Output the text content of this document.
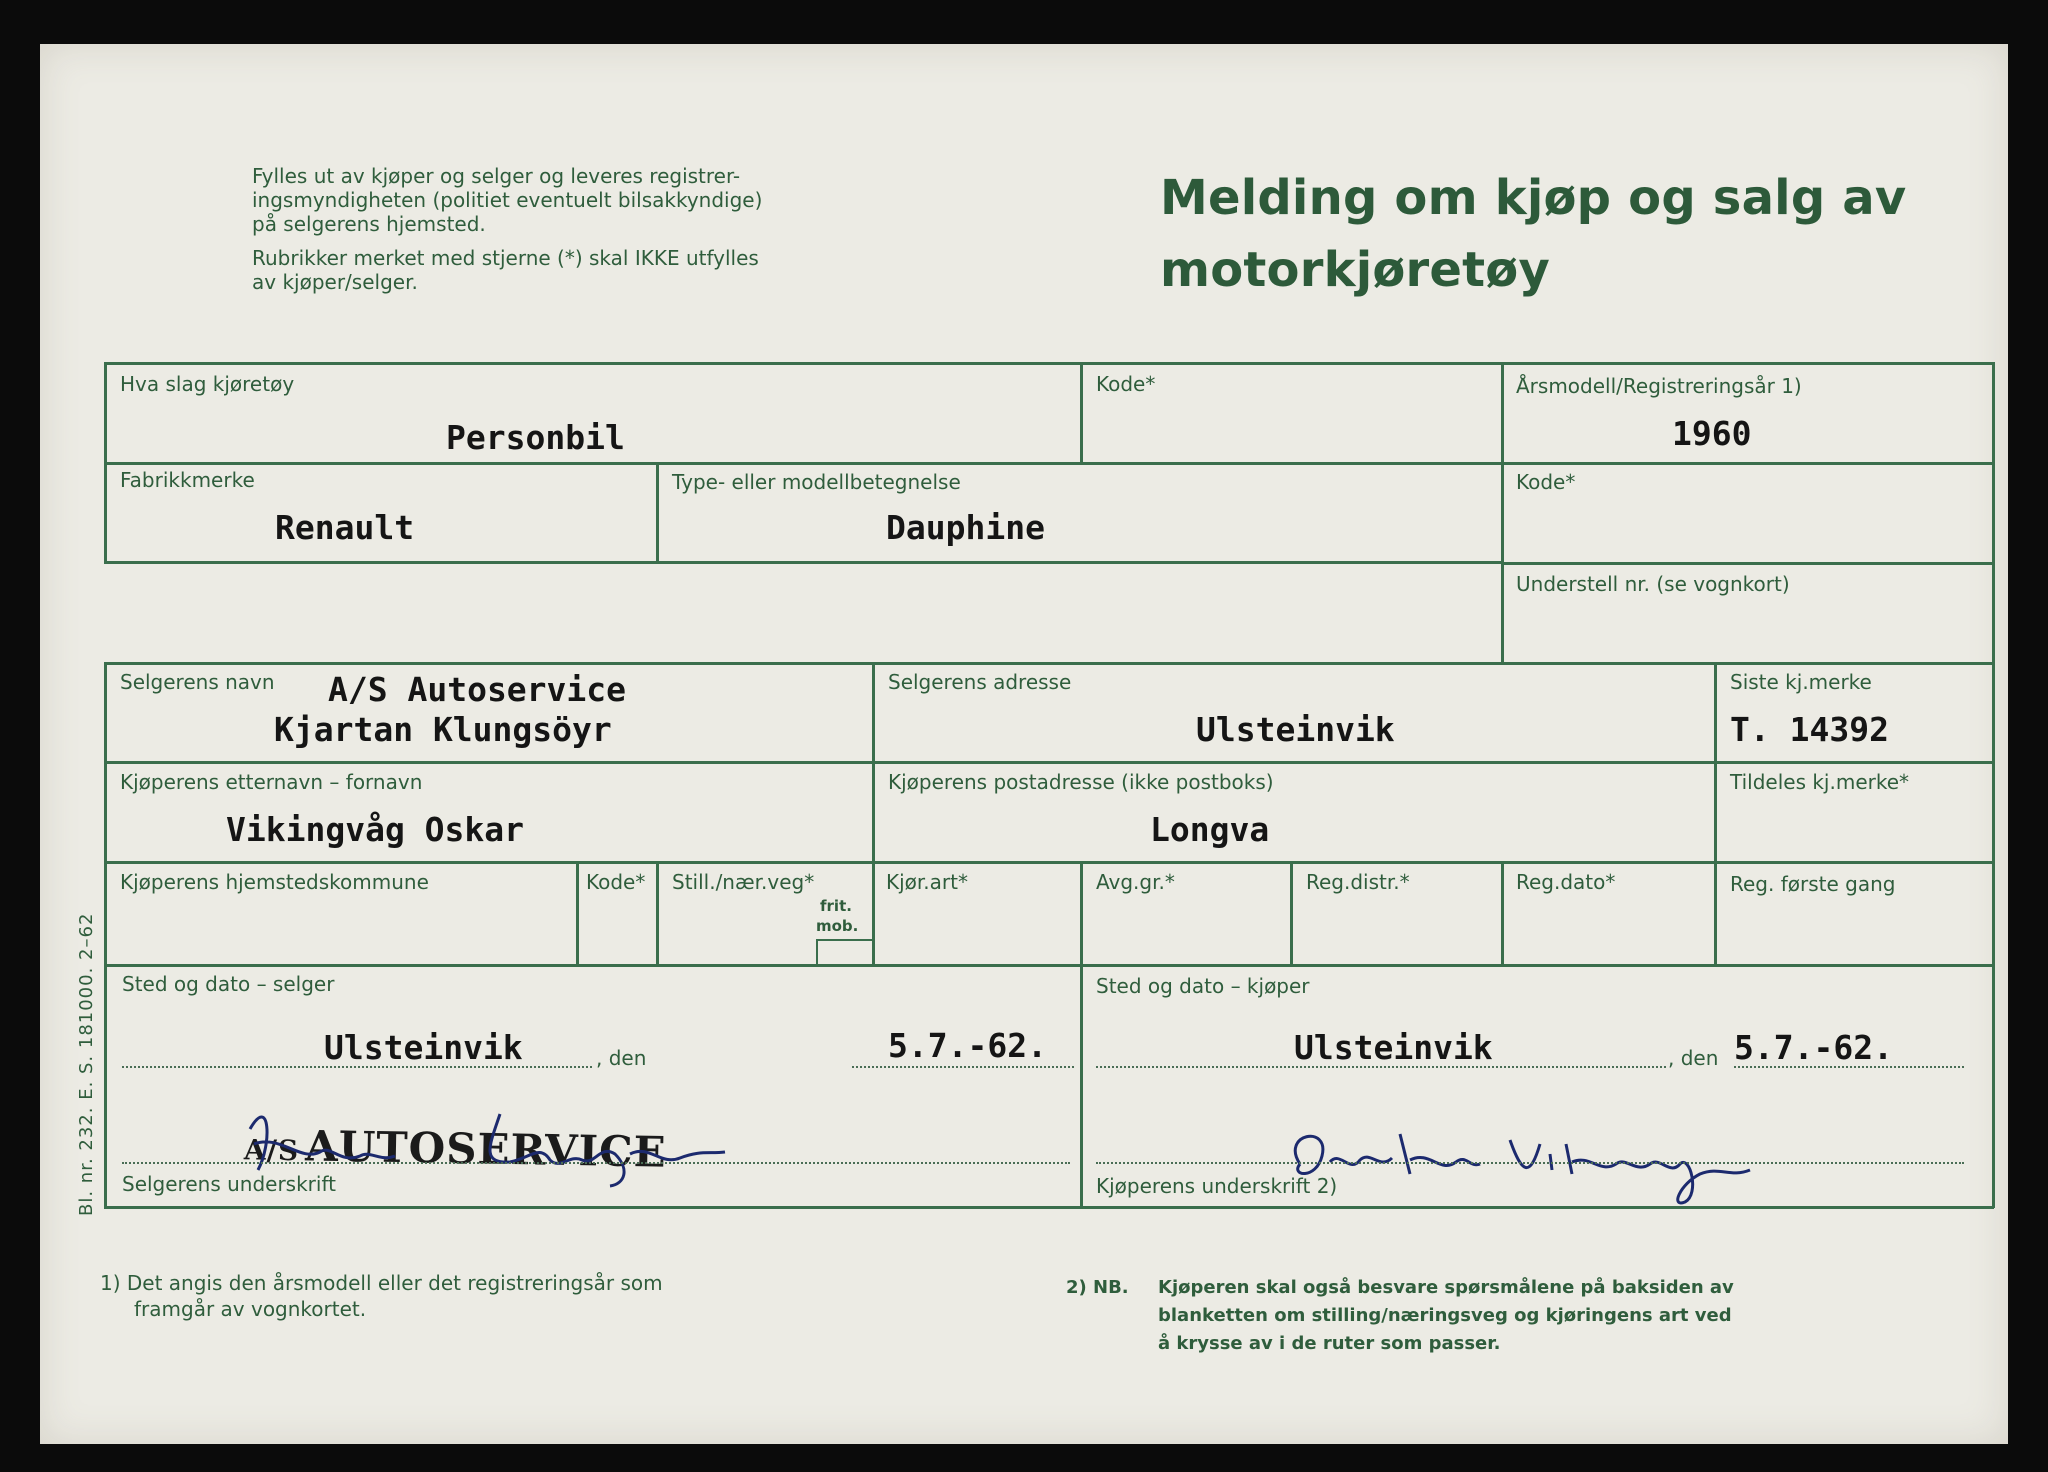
Fylles ut av kjøper og selger og leveres registrer-
ingsmyndigheten (politiet eventuelt bilsakkyndige)
på selgerens hjemsted.
Rubrikker merket med stjerne (*) skal IKKE utfylles
av kjøper/selger.
Melding om kjøp og salg av
motorkjøretøy
Hva slag kjøretøy
Personbil
Kode*	Årsmodell/Registreringsår 1)
1960
Fabrikkmerke
Renault
Type- eller modellbetegnelse
Dauphine
Kode*
Understell nr. (se vognkort)
Selgerens navn A/S Autoservice
Kjartan Klungsöyr
Selgerens adresse
Ulsteinvik
Siste kj.merke
T. 14392
Kjøperens etternavn – fornavn
Vikingvåg Oskar
Kjøperens postadresse (ikke postboks)
Longva
Tildeles kj.merke*
Kjøperens hjemstedskommune	Kode* Still./nær.veg*
frit.
mob.
Kjør.art*	Avg.gr.*	Reg.distr.*	Reg.dato*	Reg. første gang
Sted og dato – selger
Ulsteinvik	, den	5.7.-62.
A/S AUTOSERVICE
Kjartan Klungsøyr
Selgerens underskrift
Sted og dato – kjøper
Ulsteinvik	, den 5.7.-62.
Oskar Vikingvåg.
Kjøperens underskrift 2)
Bl. nr. 232. E. S. 181000. 2–62
1) Det angis den årsmodell eller det registreringsår som
framgår av vognkortet.
2) NB. Kjøperen skal også besvare spørsmålene på baksiden av
blanketten om stilling/næringsveg og kjøringens art ved
å krysse av i de ruter som passer.
